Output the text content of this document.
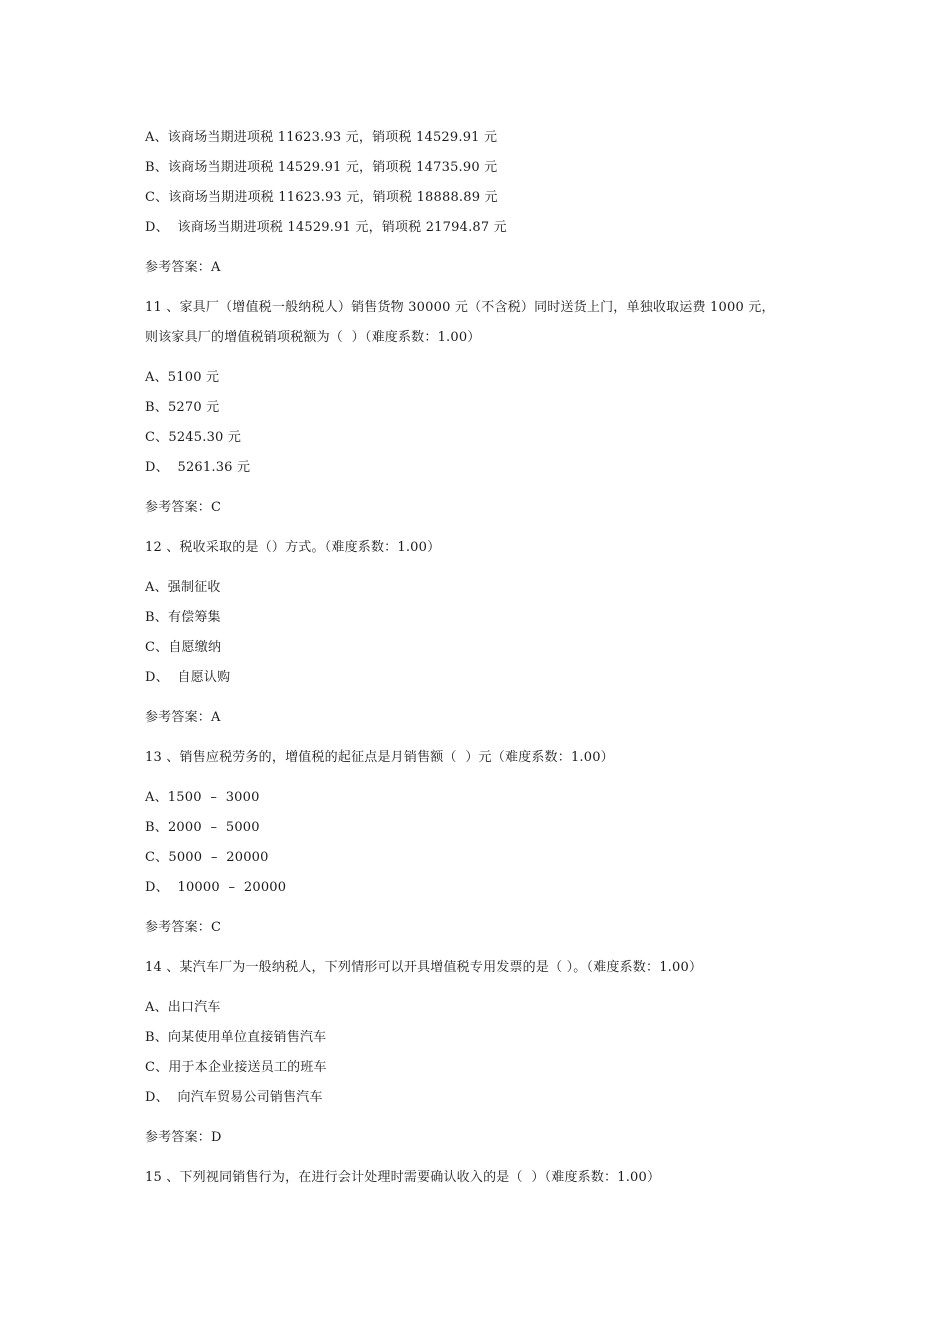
A、该商场当期进项税 11623.93 元，销项税 14529.91 元
B、该商场当期进项税 14529.91 元，销项税 14735.90 元
C、该商场当期进项税 11623.93 元，销项税 18888.89 元
D、  该商场当期进项税 14529.91 元，销项税 21794.87 元
参考答案：A
11 、家具厂（增值税一般纳税人）销售货物 30000 元（不含税）同时送货上门，单独收取运费 1000 元，
则该家具厂的增值税销项税额为（  ）（难度系数：1.00）
A、5100 元
B、5270 元
C、5245.30 元
D、  5261.36 元
参考答案：C
12 、税收采取的是（）方式。（难度系数：1.00）
A、强制征收
B、有偿筹集
C、自愿缴纳
D、  自愿认购
参考答案：A
13 、销售应税劳务的，增值税的起征点是月销售额（  ）元（难度系数：1.00）
A、1500  –  3000
B、2000  –  5000
C、5000  –  20000
D、  10000  –  20000
参考答案：C
14 、某汽车厂为一般纳税人，下列情形可以开具增值税专用发票的是（ ）。（难度系数：1.00）
A、出口汽车
B、向某使用单位直接销售汽车
C、用于本企业接送员工的班车
D、  向汽车贸易公司销售汽车
参考答案：D
15 、下列视同销售行为，在进行会计处理时需要确认收入的是（  ）（难度系数：1.00）
